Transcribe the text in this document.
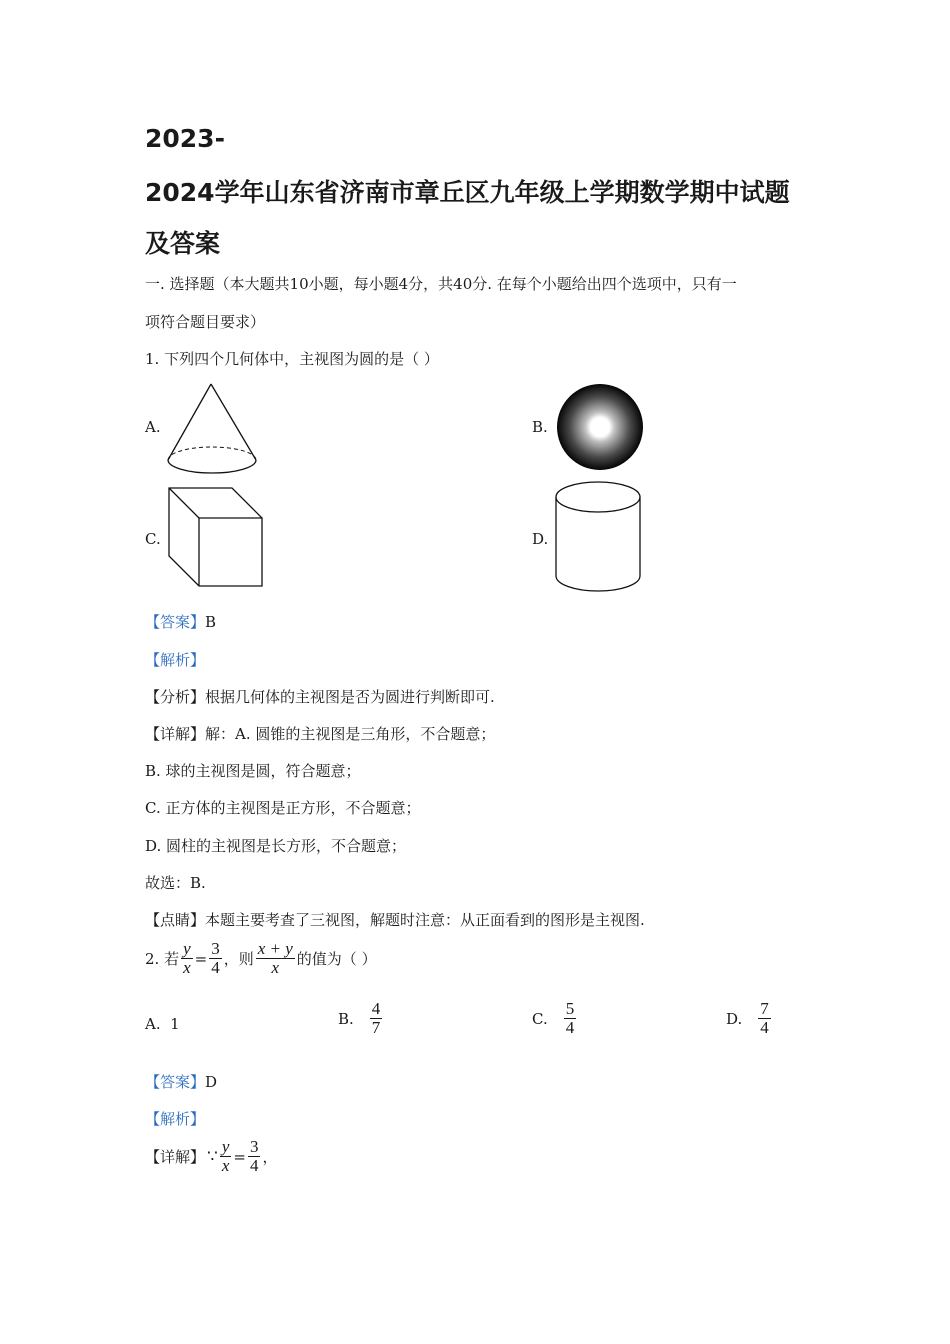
2023-
2024学年山东省济南市章丘区九年级上学期数学期中试题
及答案
一. 选择题（本大题共10小题，每小题4分，共40分. 在每个小题给出四个选项中，只有一
项符合题目要求）
1. 下列四个几何体中，主视图为圆的是（ ）
A.	B.
C.	D.
【答案】B
【解析】
【分析】根据几何体的主视图是否为圆进行判断即可.
【详解】解：A. 圆锥的主视图是三角形，不合题意；
B. 球的主视图是圆，符合题意；
C. 正方体的主视图是正方形，不合题意；
D. 圆柱的主视图是长方形，不合题意；
故选：B.
【点睛】本题主要考查了三视图，解题时注意：从正面看到的图形是主视图.
2. 若 $\frac{y}{x} = \frac{3}{4}$ ，则 $\frac{x + y}{x}$ 的值为（ ）
A. 1	B. $\frac{4}{7}$	C. $\frac{5}{4}$	D. $\frac{7}{4}$
【答案】D
【解析】
【详解】 ∵ $\frac{y}{x} = \frac{3}{4}$ ，
